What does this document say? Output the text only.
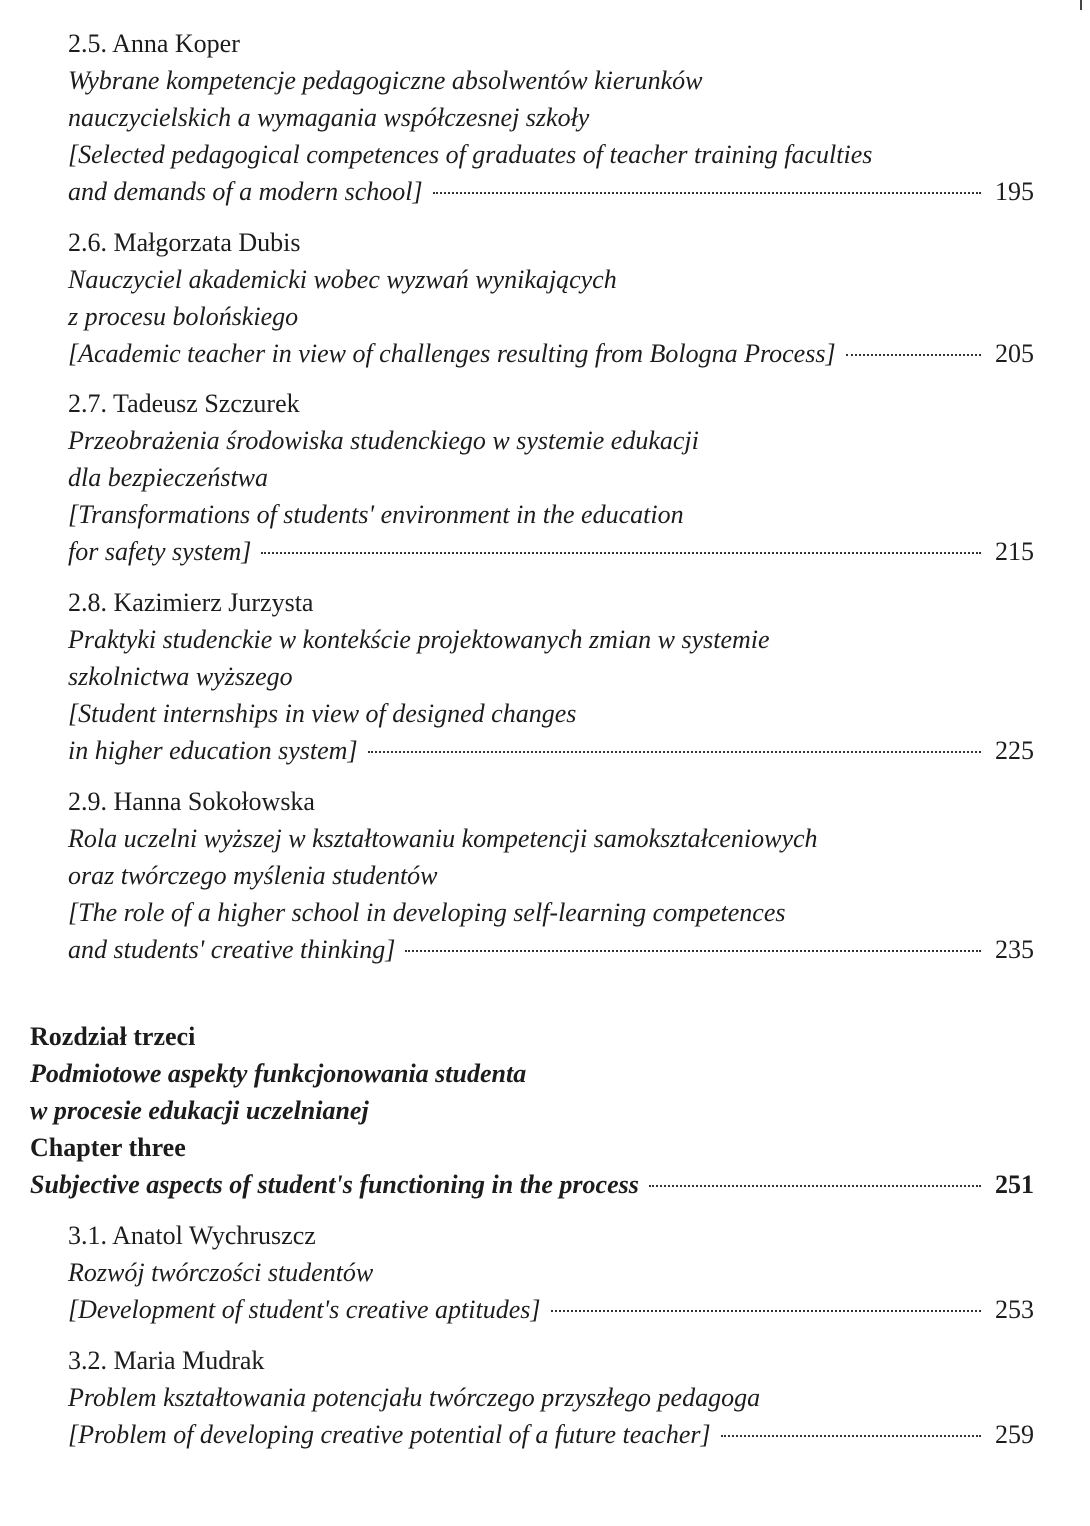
2.5. Anna Koper
Wybrane kompetencje pedagogiczne absolwentów kierunków
nauczycielskich a wymagania współczesnej szkoły
[Selected pedagogical competences of graduates of teacher training faculties
and demands of a modern school]	195
2.6. Małgorzata Dubis
Nauczyciel akademicki wobec wyzwań wynikających
z procesu bolońskiego
[Academic teacher in view of challenges resulting from Bologna Process]	205
2.7. Tadeusz Szczurek
Przeobrażenia środowiska studenckiego w systemie edukacji
dla bezpieczeństwa
[Transformations of students' environment in the education
for safety system]	215
2.8. Kazimierz Jurzysta
Praktyki studenckie w kontekście projektowanych zmian w systemie
szkolnictwa wyższego
[Student internships in view of designed changes
in higher education system]	225
2.9. Hanna Sokołowska
Rola uczelni wyższej w kształtowaniu kompetencji samokształceniowych
oraz twórczego myślenia studentów
[The role of a higher school in developing self-learning competences
and students' creative thinking]	235
Rozdział trzeci
Podmiotowe aspekty funkcjonowania studenta
w procesie edukacji uczelnianej
Chapter three
Subjective aspects of student's functioning in the process	251
3.1. Anatol Wychruszcz
Rozwój twórczości studentów
[Development of student's creative aptitudes]	253
3.2. Maria Mudrak
Problem kształtowania potencjału twórczego przyszłego pedagoga
[Problem of developing creative potential of a future teacher]	259
